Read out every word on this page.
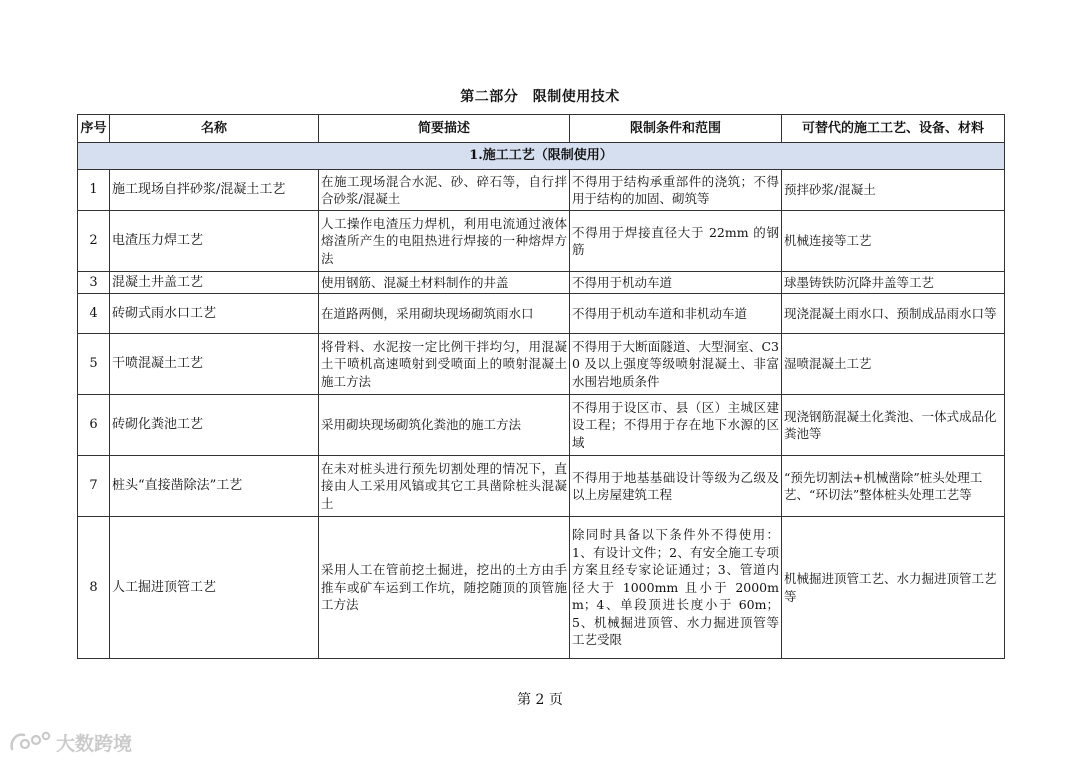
第二部分　限制使用技术
序号	名称	简要描述	限制条件和范围	可替代的施工工艺、设备、材料
1.施工工艺（限制使用）				
1	施工现场自拌砂浆/混凝土工艺	在施工现场混合水泥、砂、碎石等，自行拌合砂浆/混凝土	不得用于结构承重部件的浇筑；不得用于结构的加固、砌筑等	预拌砂浆/混凝土
2	电渣压力焊工艺	人工操作电渣压力焊机，利用电流通过液体熔渣所产生的电阻热进行焊接的一种熔焊方法	不得用于焊接直径大于 22mm 的钢筋	机械连接等工艺
3	混凝土井盖工艺	使用钢筋、混凝土材料制作的井盖	不得用于机动车道	球墨铸铁防沉降井盖等工艺
4	砖砌式雨水口工艺	在道路两侧，采用砌块现场砌筑雨水口	不得用于机动车道和非机动车道	现浇混凝土雨水口、预制成品雨水口等
5	干喷混凝土工艺	将骨料、水泥按一定比例干拌均匀，用混凝土干喷机高速喷射到受喷面上的喷射混凝土施工方法	不得用于大断面隧道、大型洞室、C30 及以上强度等级喷射混凝土、非富水围岩地质条件	湿喷混凝土工艺
6	砖砌化粪池工艺	采用砌块现场砌筑化粪池的施工方法	不得用于设区市、县（区）主城区建设工程；不得用于存在地下水源的区域	现浇钢筋混凝土化粪池、一体式成品化粪池等
7	桩头“直接凿除法”工艺	在未对桩头进行预先切割处理的情况下，直接由人工采用风镐或其它工具凿除桩头混凝土	不得用于地基基础设计等级为乙级及以上房屋建筑工程	“预先切割法+机械凿除”桩头处理工艺、“环切法”整体桩头处理工艺等
8	人工掘进顶管工艺	采用人工在管前挖土掘进，挖出的土方由手推车或矿车运到工作坑，随挖随顶的顶管施工方法	除同时具备以下条件外不得使用：1、有设计文件；2、有安全施工专项方案且经专家论证通过；3、管道内径大于 1000mm 且小于 2000mm；4、单段顶进长度小于 60m；5、机械掘进顶管、水力掘进顶管等工艺受限	机械掘进顶管工艺、水力掘进顶管工艺等
第 2 页
大数跨境
